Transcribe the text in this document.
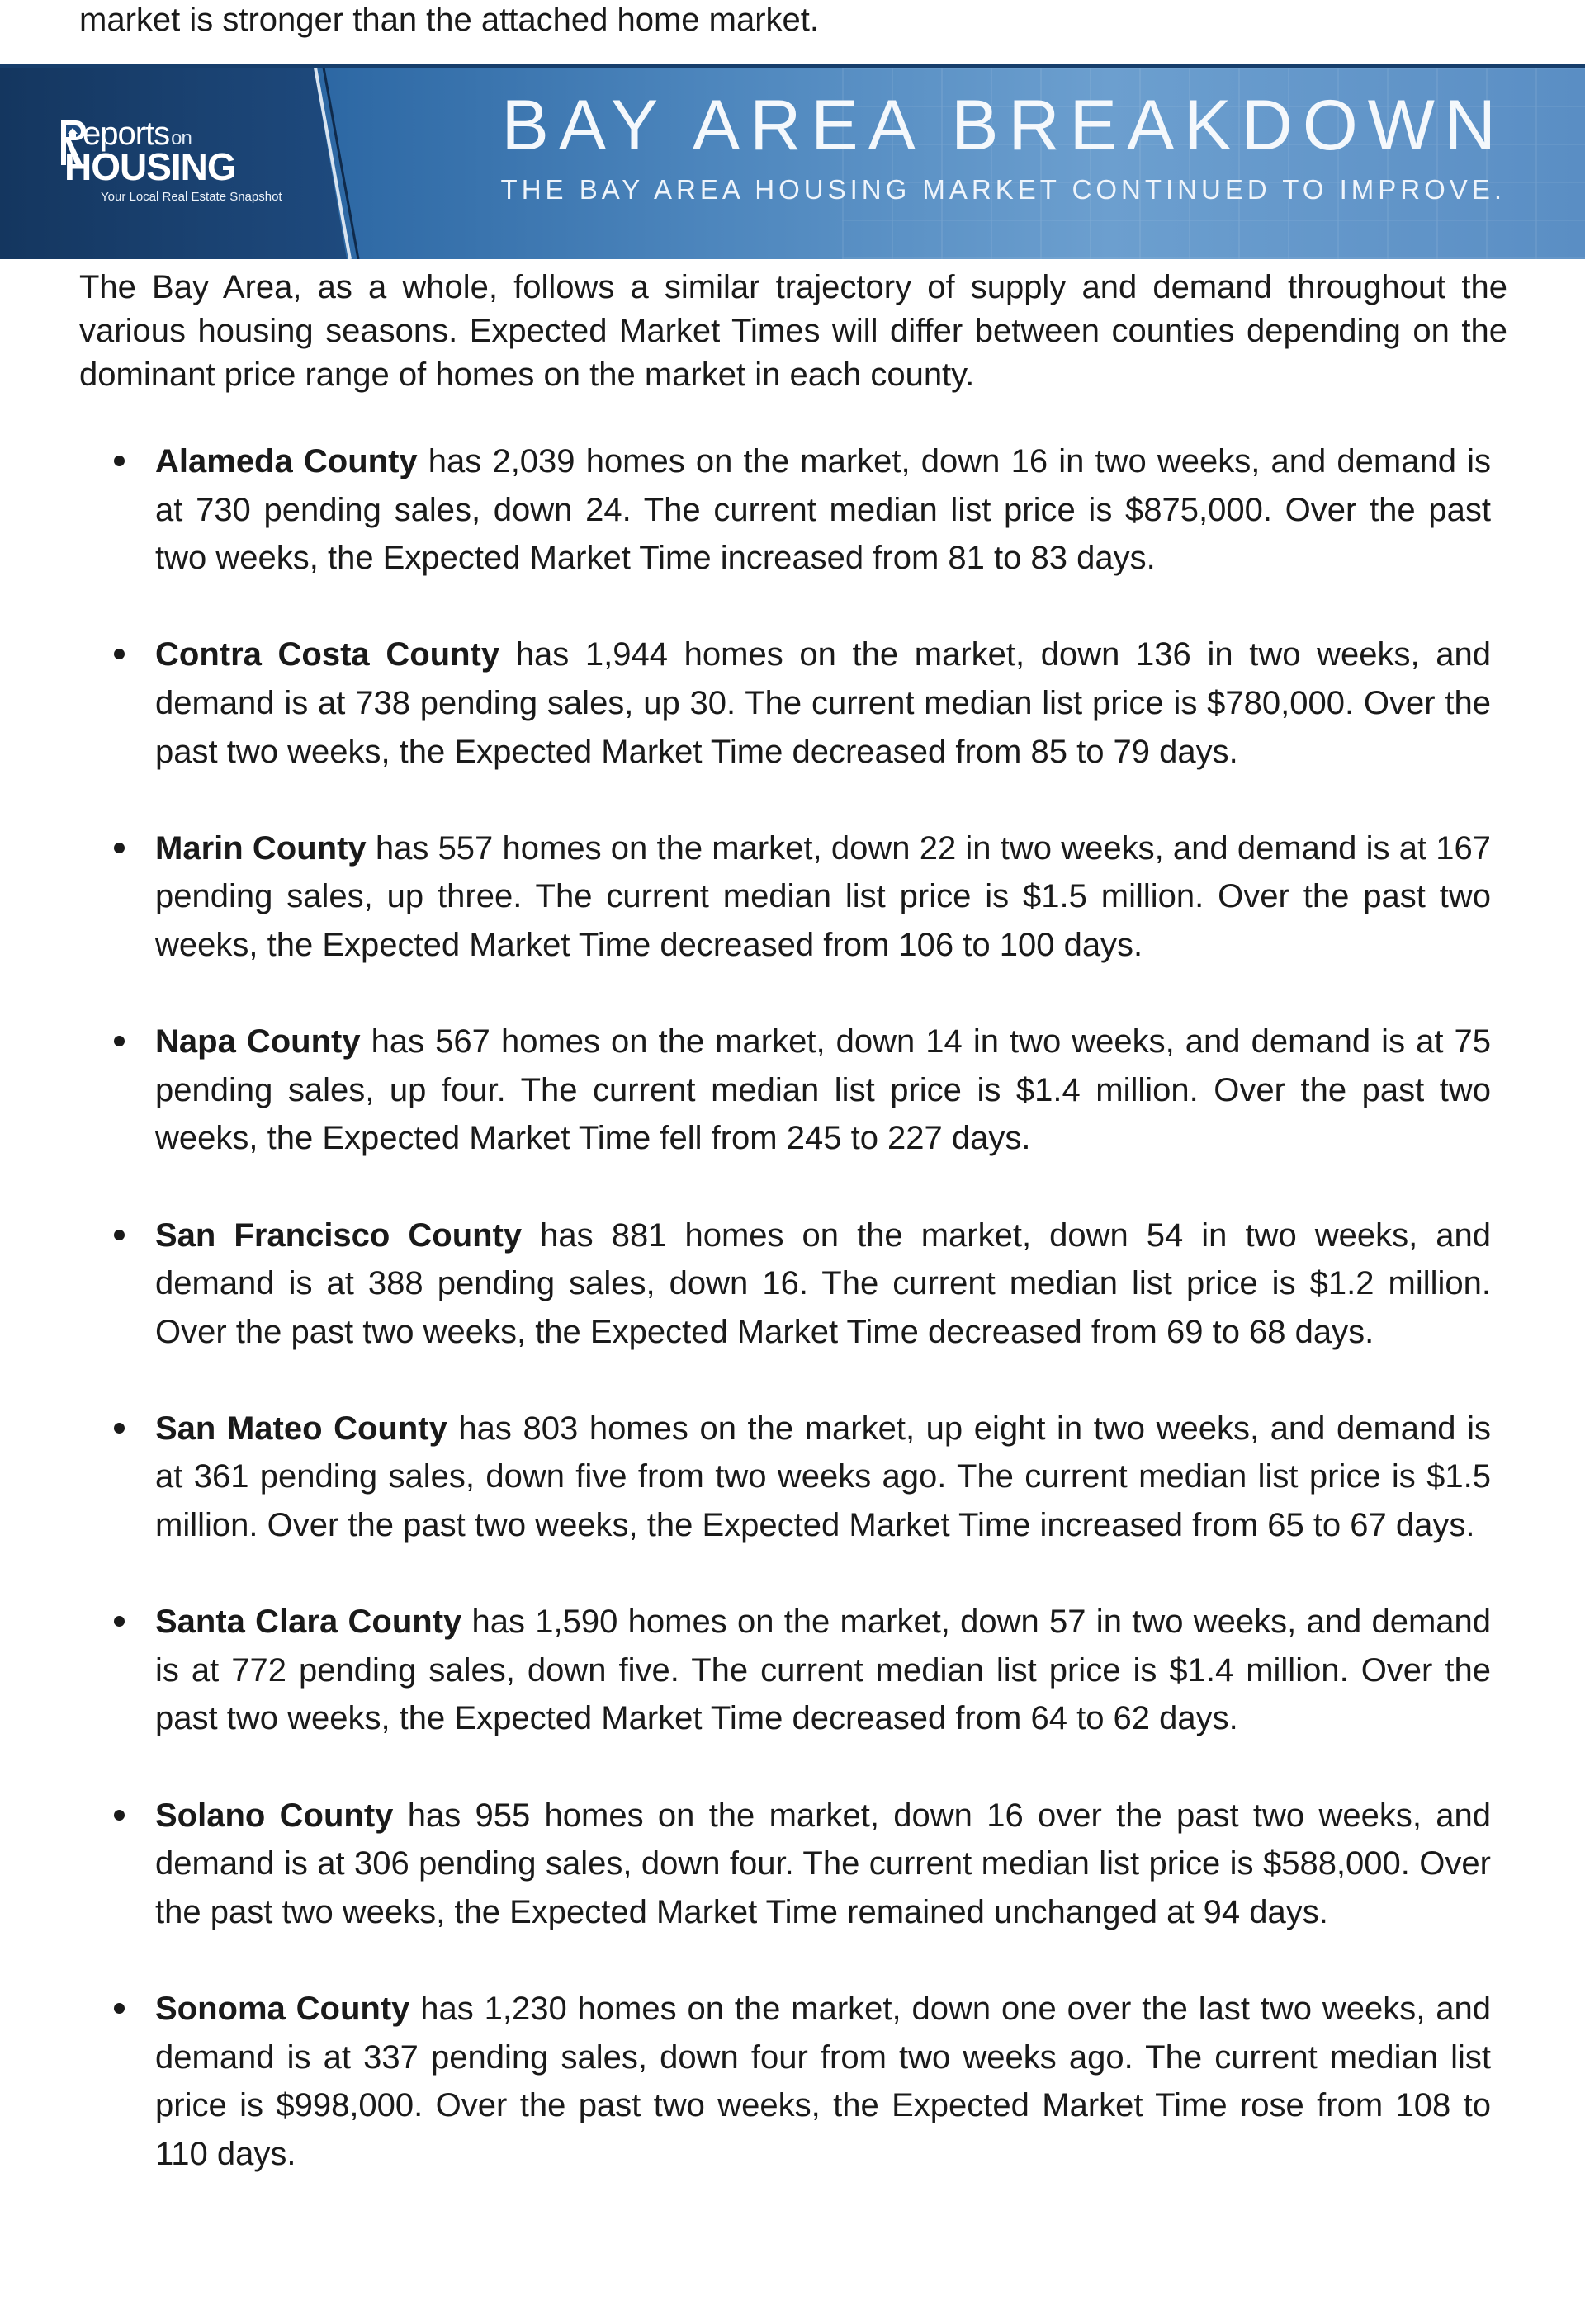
market is stronger than the attached home market.

eportson
HOUSING
Your Local Real Estate Snapshot
BAY AREA BREAKDOWN

THE BAY AREA HOUSING MARKET CONTINUED TO IMPROVE.

The Bay Area, as a whole, follows a similar trajectory of supply and demand throughout the various housing seasons. Expected Market Times will differ between counties depending on the dominant price range of homes on the market in each county.

Alameda County has 2,039 homes on the market, down 16 in two weeks, and demand is at 730 pending sales, down 24. The current median list price is $875,000. Over the past two weeks, the Expected Market Time increased from 81 to 83 days.
Contra Costa County has 1,944 homes on the market, down 136 in two weeks, and demand is at 738 pending sales, up 30. The current median list price is $780,000. Over the past two weeks, the Expected Market Time decreased from 85 to 79 days.
Marin County has 557 homes on the market, down 22 in two weeks, and demand is at 167 pending sales, up three. The current median list price is $1.5 million. Over the past two weeks, the Expected Market Time decreased from 106 to 100 days.
Napa County has 567 homes on the market, down 14 in two weeks, and demand is at 75 pending sales, up four. The current median list price is $1.4 million. Over the past two weeks, the Expected Market Time fell from 245 to 227 days.
San Francisco County has 881 homes on the market, down 54 in two weeks, and demand is at 388 pending sales, down 16. The current median list price is $1.2 million. Over the past two weeks, the Expected Market Time decreased from 69 to 68 days.
San Mateo County has 803 homes on the market, up eight in two weeks, and demand is at 361 pending sales, down five from two weeks ago. The current median list price is $1.5 million. Over the past two weeks, the Expected Market Time increased from 65 to 67 days.
Santa Clara County has 1,590 homes on the market, down 57 in two weeks, and demand is at 772 pending sales, down five. The current median list price is $1.4 million. Over the past two weeks, the Expected Market Time decreased from 64 to 62 days.
Solano County has 955 homes on the market, down 16 over the past two weeks, and demand is at 306 pending sales, down four. The current median list price is $588,000. Over the past two weeks, the Expected Market Time remained unchanged at 94 days.
Sonoma County has 1,230 homes on the market, down one over the last two weeks, and demand is at 337 pending sales, down four from two weeks ago. The current median list price is $998,000. Over the past two weeks, the Expected Market Time rose from 108 to 110 days.
